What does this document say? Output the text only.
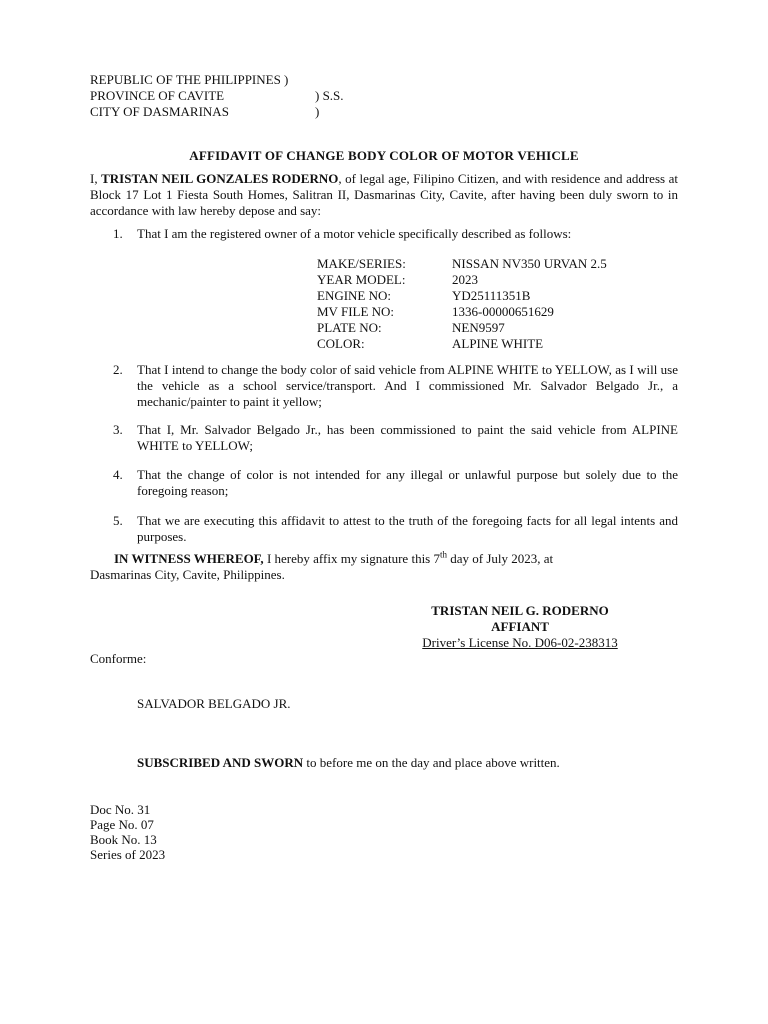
REPUBLIC OF THE PHILIPPINES )
PROVINCE OF CAVITE	) S.S.
CITY OF DASMARINAS	)
AFFIDAVIT OF CHANGE BODY COLOR OF MOTOR VEHICLE
I, TRISTAN NEIL GONZALES RODERNO, of legal age, Filipino Citizen, and with residence and address at Block 17 Lot 1 Fiesta South Homes, Salitran II, Dasmarinas City, Cavite, after having been duly sworn to in accordance with law hereby depose and say:
1. That I am the registered owner of a motor vehicle specifically described as follows:
MAKE/SERIES:	NISSAN NV350 URVAN 2.5
YEAR MODEL:	2023
ENGINE NO:	YD25111351B
MV FILE NO:	1336-00000651629
PLATE NO:	NEN9597
COLOR:	ALPINE WHITE
2. That I intend to change the body color of said vehicle from ALPINE WHITE to YELLOW, as I will use the vehicle as a school service/transport. And I commissioned Mr. Salvador Belgado Jr., a mechanic/painter to paint it yellow;
3. That I, Mr. Salvador Belgado Jr., has been commissioned to paint the said vehicle from ALPINE WHITE to YELLOW;
4. That the change of color is not intended for any illegal or unlawful purpose but solely due to the foregoing reason;
5. That we are executing this affidavit to attest to the truth of the foregoing facts for all legal intents and purposes.
IN WITNESS WHEREOF, I hereby affix my signature this 7th day of July 2023, at
Dasmarinas City, Cavite, Philippines.
TRISTAN NEIL G. RODERNO
AFFIANT
Driver’s License No. D06-02-238313
Conforme:
SALVADOR BELGADO JR.
SUBSCRIBED AND SWORN to before me on the day and place above written.
Doc No. 31
Page No. 07
Book No. 13
Series of 2023
